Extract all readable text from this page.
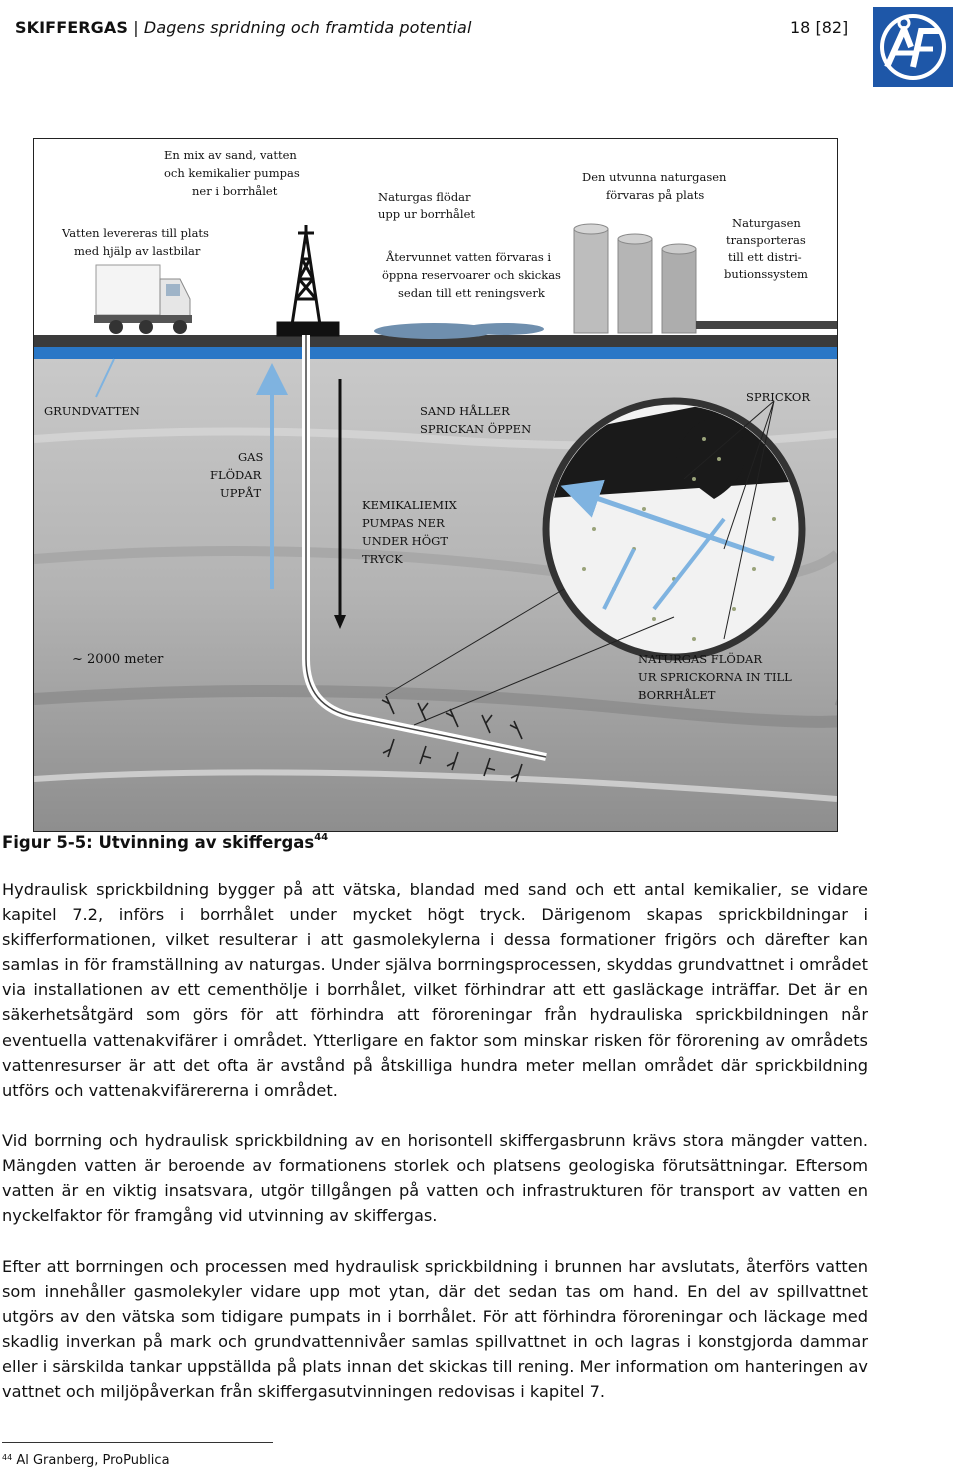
SKIFFERGAS | Dagens spridning och framtida potential	18 [82]
En mix av sand, vatten
och kemikalier pumpas
ner i borrhålet
Vatten levereras till plats
med hjälp av lastbilar
Naturgas flödar
upp ur borrhålet
Återvunnet vatten förvaras i
öppna reservoarer och skickas
sedan till ett reningsverk
Den utvunna naturgasen
förvaras på plats
Naturgasen
transporteras
till ett distri-
butionssystem
GRUNDVATTEN	SAND HÅLLER
SPRICKAN ÖPPEN
SPRICKOR
GAS
FLÖDAR
UPPÅT
KEMIKALIEMIX
PUMPAS NER
UNDER HÖGT
TRYCK
~ 2000 meter	NATURGAS FLÖDAR
UR SPRICKORNA IN TILL
BORRHÅLET
Figur 5-5: Utvinning av skiffergas$^{44}$

Hydraulisk sprickbildning bygger på att vätska, blandad med sand och ett antal kemikalier, se vidare kapitel 7.2, införs i borrhålet under mycket högt tryck. Därigenom skapas sprickbildningar i skifferformationen, vilket resulterar i att gasmolekylerna i dessa formationer frigörs och därefter kan samlas in för framställning av naturgas. Under själva borrningsprocessen, skyddas grundvattnet i området via installationen av ett cementhölje i borrhålet, vilket förhindrar att ett gasläckage inträffar. Det är en säkerhetsåtgärd som görs för att förhindra att föroreningar från hydrauliska sprickbildningen når eventuella vattenakvifärer i området. Ytterligare en faktor som minskar risken för förorening av områdets vattenresurser är att det ofta är avstånd på åtskilliga hundra meter mellan området där sprickbildning utförs och vattenakvifärererna i området.

Vid borrning och hydraulisk sprickbildning av en horisontell skiffergasbrunn krävs stora mängder vatten. Mängden vatten är beroende av formationens storlek och platsens geologiska förutsättningar. Eftersom vatten är en viktig insatsvara, utgör tillgången på vatten och infrastrukturen för transport av vatten en nyckelfaktor för framgång vid utvinning av skiffergas.

Efter att borrningen och processen med hydraulisk sprickbildning i brunnen har avslutats, återförs vatten som innehåller gasmolekyler vidare upp mot ytan, där det sedan tas om hand. En del av spillvattnet utgörs av den vätska som tidigare pumpats in i borrhålet. För att förhindra föroreningar och läckage med skadlig inverkan på mark och grundvattennivåer samlas spillvattnet in och lagras i konstgjorda dammar eller i särskilda tankar uppställda på plats innan det skickas till rening. Mer information om hanteringen av vattnet och miljöpåverkan från skiffergasutvinningen redovisas i kapitel 7.

$^{44}$ Al Granberg, ProPublica
